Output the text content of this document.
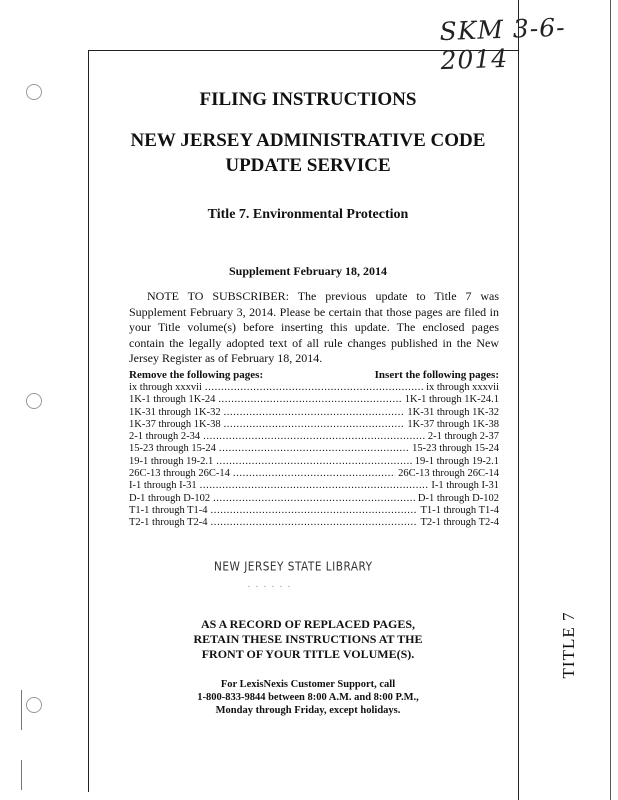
SKM 3-6-2014
FILING INSTRUCTIONS
NEW JERSEY ADMINISTRATIVE CODE
UPDATE SERVICE
Title 7. Environmental Protection
Supplement February 18, 2014
NOTE TO SUBSCRIBER: The previous update to Title 7 was Supplement February 3, 2014. Please be certain that those pages are filed in your Title volume(s) before inserting this update. The enclosed pages contain the legally adopted text of all rule changes published in the New Jersey Register as of February 18, 2014.
Remove the following pages:	Insert the following pages:
ix through xxxvii .....	ix through xxxvii
1K-1 through 1K-24 .....	1K-1 through 1K-24.1
1K-31 through 1K-32 .....	1K-31 through 1K-32
1K-37 through 1K-38 .....	1K-37 through 1K-38
2-1 through 2-34 .....	2-1 through 2-37
15-23 through 15-24 .....	15-23 through 15-24
19-1 through 19-2.1 .....	19-1 through 19-2.1
26C-13 through 26C-14 .....	26C-13 through 26C-14
I-1 through I-31 .....	I-1 through I-31
D-1 through D-102 .....	D-1 through D-102
T1-1 through T1-4 .....	T1-1 through T1-4
T2-1 through T2-4 .....	T2-1 through T2-4
NEW JERSEY STATE LIBRARY
. . . . . .
AS A RECORD OF REPLACED PAGES,
RETAIN THESE INSTRUCTIONS AT THE
FRONT OF YOUR TITLE VOLUME(S).
For LexisNexis Customer Support, call
1-800-833-9844 between 8:00 A.M. and 8:00 P.M.,
Monday through Friday, except holidays.
TITLE 7
